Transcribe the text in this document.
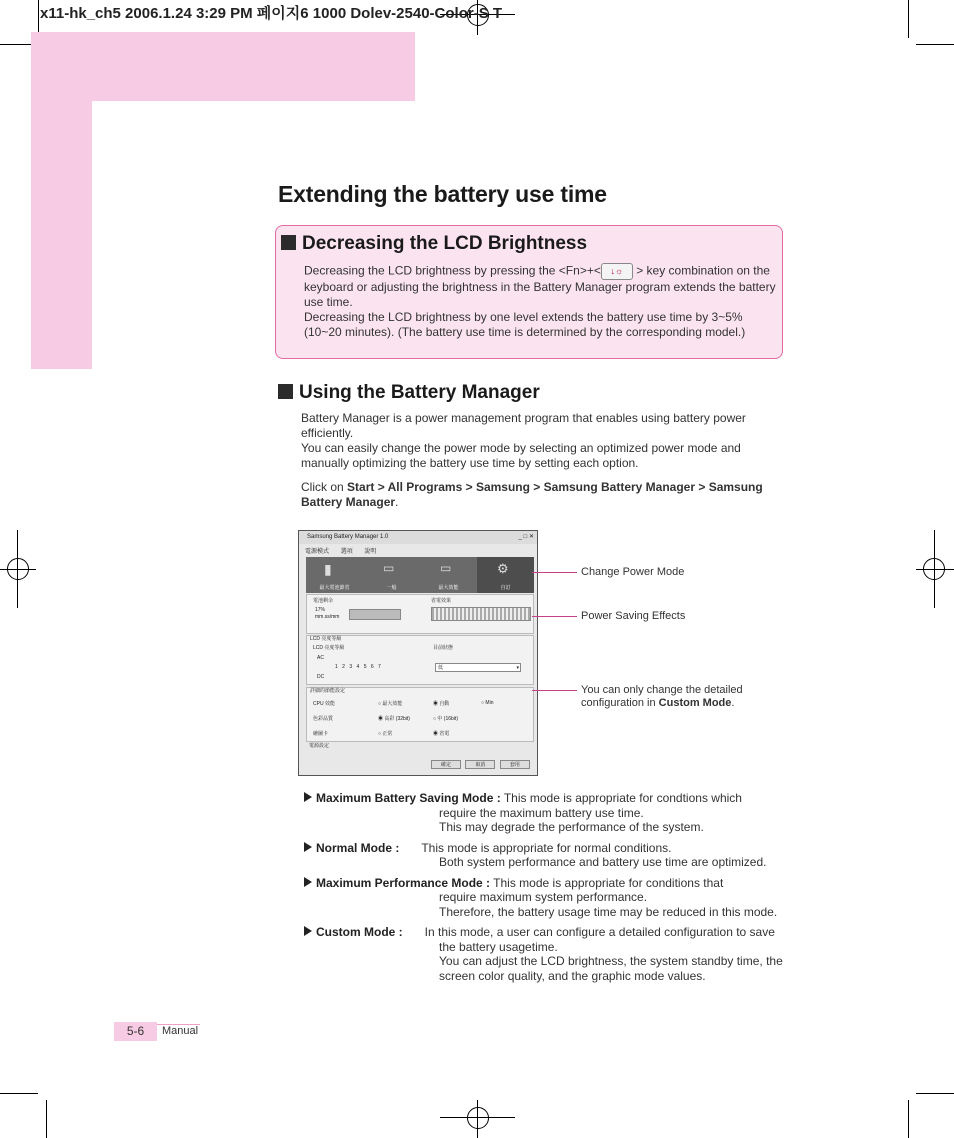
x11-hk_ch5 2006.1.24 3:29 PM 페이지6 1000 Dolev-2540-Color-S T
Extending the battery use time
Decreasing the LCD Brightness
Decreasing the LCD brightness by pressing the <Fn>+< ↓☼ > key combination on the keyboard or adjusting the brightness in the Battery Manager program extends the battery use time.
Decreasing the LCD brightness by one level extends the battery use time by 3~5% (10~20 minutes). (The battery use time is determined by the corresponding model.)
Using the Battery Manager
Battery Manager is a power management program that enables using battery power efficiently.
You can easily change the power mode by selecting an optimized power mode and manually optimizing the battery use time by setting each option.
Click on Start > All Programs > Samsung > Samsung Battery Manager > Samsung Battery Manager.
Samsung Battery Manager 1.0	_ □ ✕
電源模式 選項 說明
▮
最大電池節省
▭
一般
▭
最大效能
⚙
自訂
電池剩余
17%
mm.ss/mm
省電效果
LCD 亮度等級
LCD 亮度等級
AC
DC
1 2 3 4 5 6 7
目前狀態
低	▾
詳細的節能設定
CPU 效能	○ 最大效能	◉ 自動	○ Min
色彩品質	◉ 高彩 (32bit)	○ 中 (16bit)
繪圖卡	○ 正常	◉ 省電
電源設定
確定	取消	套用
Change Power Mode
Power Saving Effects
You can only change the detailed configuration in Custom Mode.
Maximum Battery Saving Mode : This mode is appropriate for condtions which
require the maximum battery use time.
This may degrade the performance of the system.
Normal Mode : This mode is appropriate for normal conditions.
Both system performance and battery use time are optimized.
Maximum Performance Mode : This mode is appropriate for conditions that
require maximum system performance.
Therefore, the battery usage time may be reduced in this mode.
Custom Mode : In this mode, a user can configure a detailed configuration to save
the battery usagetime.
You can adjust the LCD brightness, the system standby time, the
screen color quality, and the graphic mode values.
5-6	Manual
